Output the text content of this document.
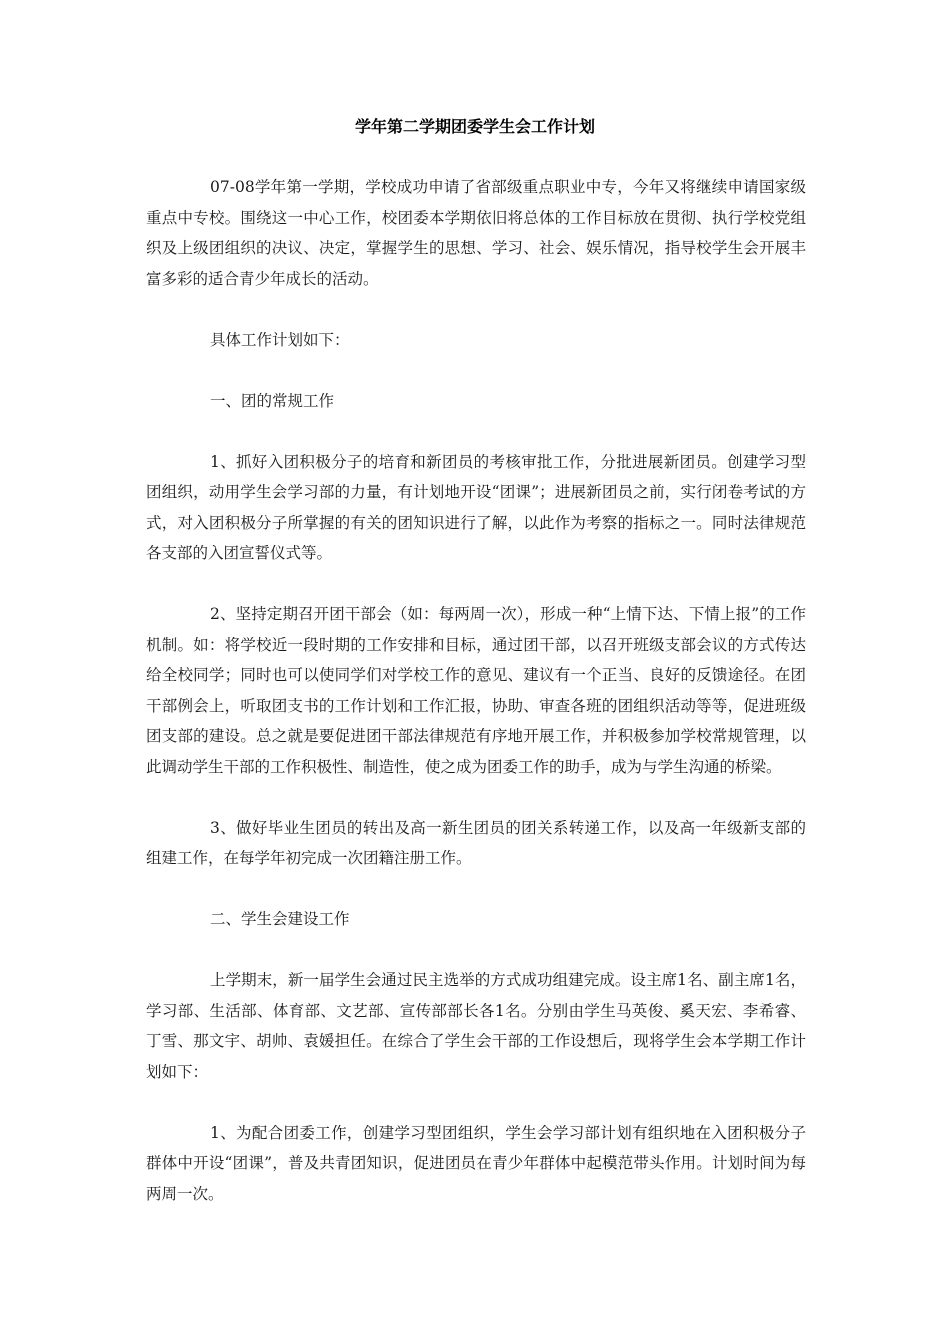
学年第二学期团委学生会工作计划

07-08学年第一学期，学校成功申请了省部级重点职业中专，今年又将继续申请国家级重点中专校。围绕这一中心工作，校团委本学期依旧将总体的工作目标放在贯彻、执行学校党组织及上级团组织的决议、决定，掌握学生的思想、学习、社会、娱乐情况，指导校学生会开展丰富多彩的适合青少年成长的活动。

具体工作计划如下：

一、团的常规工作

1、抓好入团积极分子的培育和新团员的考核审批工作，分批进展新团员。创建学习型团组织，动用学生会学习部的力量，有计划地开设“团课”；进展新团员之前，实行闭卷考试的方式，对入团积极分子所掌握的有关的团知识进行了解，以此作为考察的指标之一。同时法律规范各支部的入团宣誓仪式等。

2、坚持定期召开团干部会（如：每两周一次），形成一种“上情下达、下情上报”的工作机制。如：将学校近一段时期的工作安排和目标，通过团干部，以召开班级支部会议的方式传达给全校同学；同时也可以使同学们对学校工作的意见、建议有一个正当、良好的反馈途径。在团干部例会上，听取团支书的工作计划和工作汇报，协助、审查各班的团组织活动等等，促进班级团支部的建设。总之就是要促进团干部法律规范有序地开展工作，并积极参加学校常规管理，以此调动学生干部的工作积极性、制造性，使之成为团委工作的助手，成为与学生沟通的桥梁。

3、做好毕业生团员的转出及高一新生团员的团关系转递工作，以及高一年级新支部的组建工作，在每学年初完成一次团籍注册工作。

二、学生会建设工作

上学期末，新一届学生会通过民主选举的方式成功组建完成。设主席1名、副主席1名，学习部、生活部、体育部、文艺部、宣传部部长各1名。分别由学生马英俊、奚天宏、李希睿、丁雪、那文宇、胡帅、袁媛担任。在综合了学生会干部的工作设想后，现将学生会本学期工作计划如下：

1、为配合团委工作，创建学习型团组织，学生会学习部计划有组织地在入团积极分子群体中开设“团课”，普及共青团知识，促进团员在青少年群体中起模范带头作用。计划时间为每两周一次。
